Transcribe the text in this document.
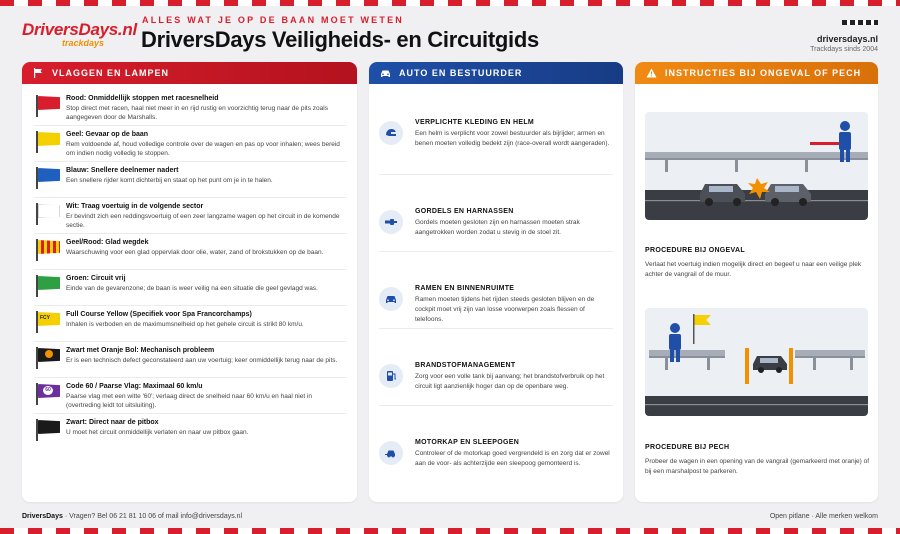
DriversDays.nl
trackdays
ALLES WAT JE OP DE BAAN MOET WETEN
DriversDays Veiligheids- en Circuitgids	driversdays.nl
Trackdays sinds 2004
VLAGGEN EN LAMPEN
Rood: Onmiddellijk stoppen met racesnelheid
Stop direct met racen, haal niet meer in en rijd rustig en voorzichtig terug naar de pits zoals aangegeven door de Marshalls.
Geel: Gevaar op de baan
Rem voldoende af, houd volledige controle over de wagen en pas op voor inhalen; wees bereid om indien nodig volledig te stoppen.
Blauw: Snellere deelnemer nadert
Een snellere rijder komt dichterbij en staat op het punt om je in te halen.
Wit: Traag voertuig in de volgende sector
Er bevindt zich een reddingsvoertuig of een zeer langzame wagen op het circuit in de komende sectie.
Geel/Rood: Glad wegdek
Waarschuwing voor een glad oppervlak door olie, water, zand of brokstukken op de baan.
Groen: Circuit vrij
Einde van de gevarenzone; de baan is weer veilig na een situatie die geel gevlagd was.
FCY Full Course Yellow (Specifiek voor Spa Francorchamps)
Inhalen is verboden en de maximumsnelheid op het gehele circuit is strikt 80 km/u.
Zwart met Oranje Bol: Mechanisch probleem
Er is een technisch defect geconstateerd aan uw voertuig; keer onmiddellijk terug naar de pits.
60	Code 60 / Paarse Vlag: Maximaal 60 km/u
Paarse vlag met een witte '60'; verlaag direct de snelheid naar 60 km/u en haal niet in (overtreding leidt tot uitsluiting).
Zwart: Direct naar de pitbox
U moet het circuit onmiddellijk verlaten en naar uw pitbox gaan.
AUTO EN BESTUURDER
VERPLICHTE KLEDING EN HELM
Een helm is verplicht voor zowel bestuurder als bijrijder; armen en benen moeten volledig bedekt zijn (race-overall wordt aangeraden).
GORDELS EN HARNASSEN
Gordels moeten gesloten zijn en harnassen moeten strak aangetrokken worden zodat u stevig in de stoel zit.
RAMEN EN BINNENRUIMTE
Ramen moeten tijdens het rijden steeds gesloten blijven en de cockpit moet vrij zijn van losse voorwerpen zoals flessen of telefoons.
BRANDSTOFMANAGEMENT
Zorg voor een volle tank bij aanvang; het brandstofverbruik op het circuit ligt aanzienlijk hoger dan op de openbare weg.
MOTORKAP EN SLEEPOGEN
Controleer of de motorkap goed vergrendeld is en zorg dat er zowel aan de voor- als achterzijde een sleepoog gemonteerd is.
INSTRUCTIES BIJ ONGEVAL OF PECH
PROCEDURE BIJ ONGEVAL
Verlaat het voertuig indien mogelijk direct en begeef u naar een veilige plek achter de vangrail of de muur.
PROCEDURE BIJ PECH
Probeer de wagen in een opening van de vangrail (gemarkeerd met oranje) of bij een marshalpost te parkeren.
DriversDays · Vragen? Bel 06 21 81 10 06 of mail info@driversdays.nl	Open pitlane · Alle merken welkom
